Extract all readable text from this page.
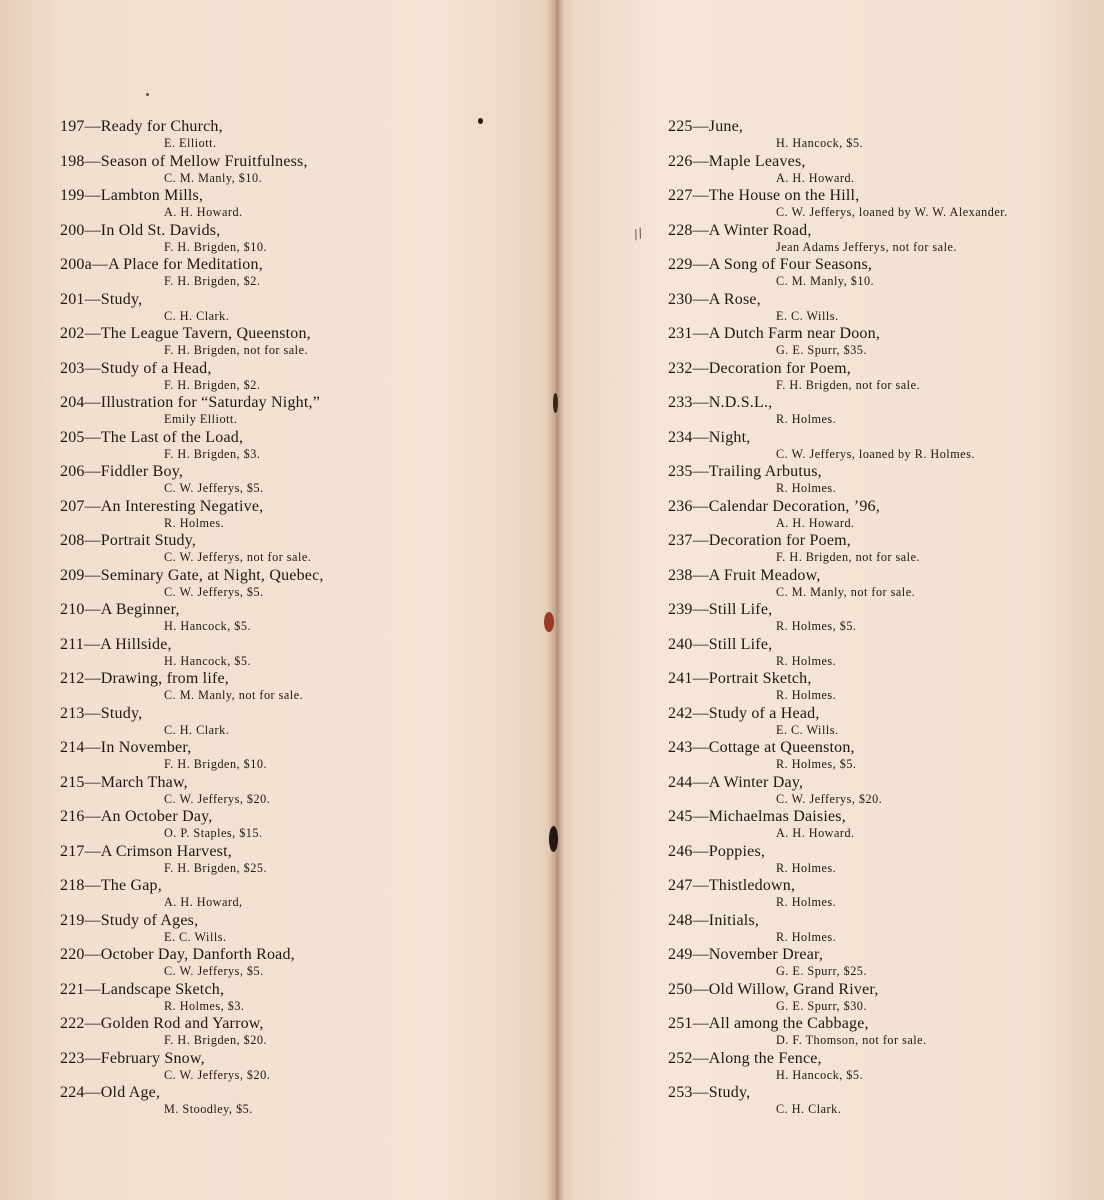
//
197—Ready for Church,
E. Elliott.
198—Season of Mellow Fruitfulness,
C. M. Manly, $10.
199—Lambton Mills,
A. H. Howard.
200—In Old St. Davids,
F. H. Brigden, $10.
200a—A Place for Meditation,
F. H. Brigden, $2.
201—Study,
C. H. Clark.
202—The League Tavern, Queenston,
F. H. Brigden, not for sale.
203—Study of a Head,
F. H. Brigden, $2.
204—Illustration for “Saturday Night,”
Emily Elliott.
205—The Last of the Load,
F. H. Brigden, $3.
206—Fiddler Boy,
C. W. Jefferys, $5.
207—An Interesting Negative,
R. Holmes.
208—Portrait Study,
C. W. Jefferys, not for sale.
209—Seminary Gate, at Night, Quebec,
C. W. Jefferys, $5.
210—A Beginner,
H. Hancock, $5.
211—A Hillside,
H. Hancock, $5.
212—Drawing, from life,
C. M. Manly, not for sale.
213—Study,
C. H. Clark.
214—In November,
F. H. Brigden, $10.
215—March Thaw,
C. W. Jefferys, $20.
216—An October Day,
O. P. Staples, $15.
217—A Crimson Harvest,
F. H. Brigden, $25.
218—The Gap,
A. H. Howard,
219—Study of Ages,
E. C. Wills.
220—October Day, Danforth Road,
C. W. Jefferys, $5.
221—Landscape Sketch,
R. Holmes, $3.
222—Golden Rod and Yarrow,
F. H. Brigden, $20.
223—February Snow,
C. W. Jefferys, $20.
224—Old Age,
M. Stoodley, $5.
225—June,
H. Hancock, $5.
226—Maple Leaves,
A. H. Howard.
227—The House on the Hill,
C. W. Jefferys, loaned by W. W. Alexander.
228—A Winter Road,
Jean Adams Jefferys, not for sale.
229—A Song of Four Seasons,
C. M. Manly, $10.
230—A Rose,
E. C. Wills.
231—A Dutch Farm near Doon,
G. E. Spurr, $35.
232—Decoration for Poem,
F. H. Brigden, not for sale.
233—N.D.S.L.,
R. Holmes.
234—Night,
C. W. Jefferys, loaned by R. Holmes.
235—Trailing Arbutus,
R. Holmes.
236—Calendar Decoration, ’96,
A. H. Howard.
237—Decoration for Poem,
F. H. Brigden, not for sale.
238—A Fruit Meadow,
C. M. Manly, not for sale.
239—Still Life,
R. Holmes, $5.
240—Still Life,
R. Holmes.
241—Portrait Sketch,
R. Holmes.
242—Study of a Head,
E. C. Wills.
243—Cottage at Queenston,
R. Holmes, $5.
244—A Winter Day,
C. W. Jefferys, $20.
245—Michaelmas Daisies,
A. H. Howard.
246—Poppies,
R. Holmes.
247—Thistledown,
R. Holmes.
248—Initials,
R. Holmes.
249—November Drear,
G. E. Spurr, $25.
250—Old Willow, Grand River,
G. E. Spurr, $30.
251—All among the Cabbage,
D. F. Thomson, not for sale.
252—Along the Fence,
H. Hancock, $5.
253—Study,
C. H. Clark.
